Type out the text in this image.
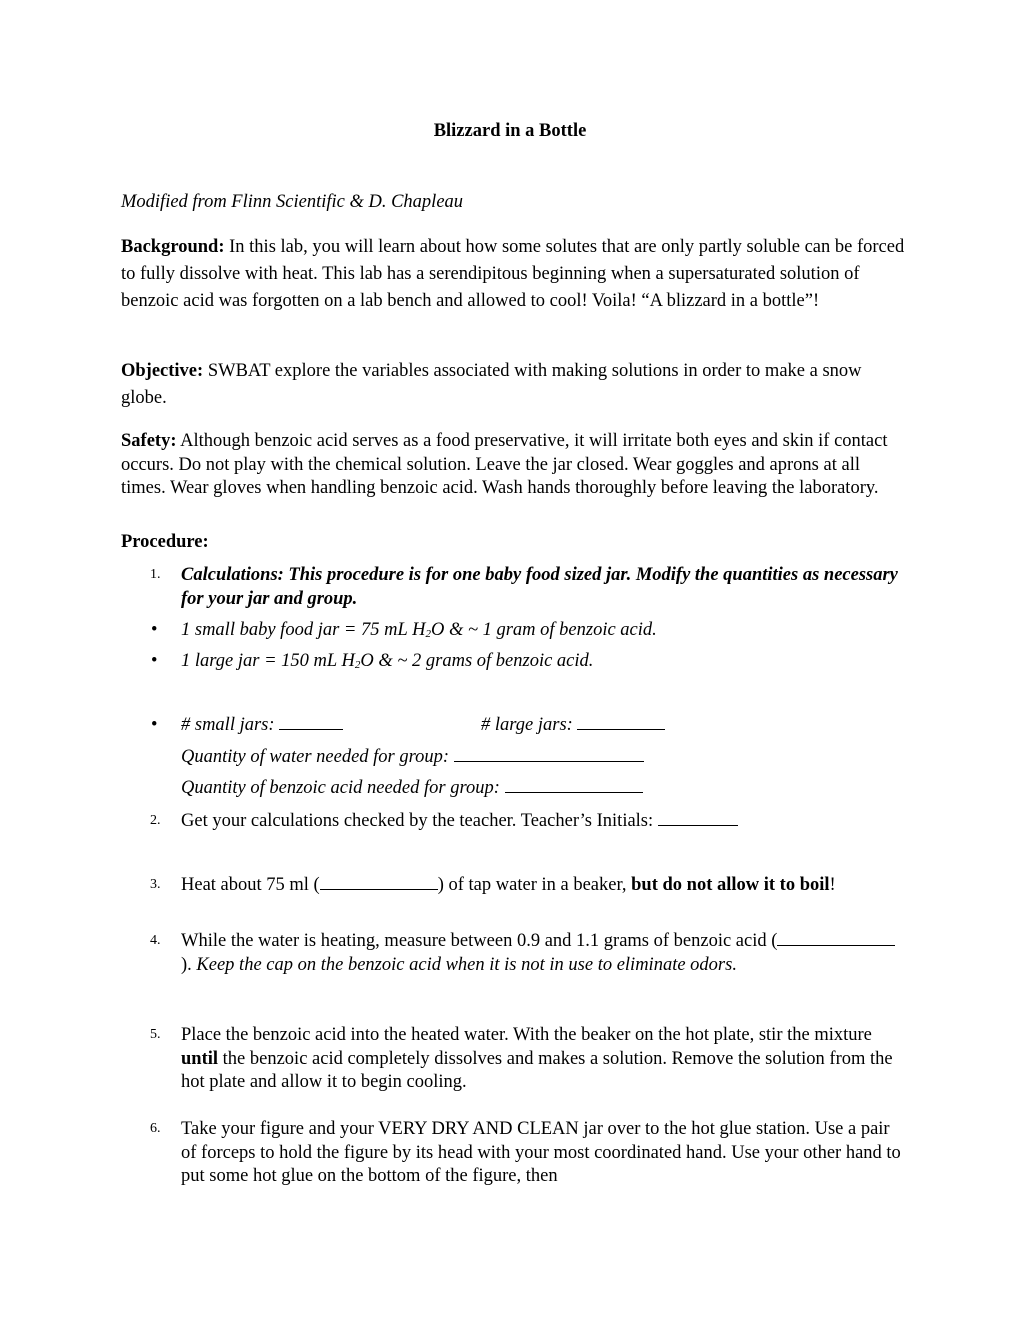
Blizzard in a Bottle
Modified from Flinn Scientific & D. Chapleau
Background: In this lab, you will learn about how some solutes that are only partly soluble can be forced to fully dissolve with heat. This lab has a serendipitous beginning when a supersaturated solution of benzoic acid was forgotten on a lab bench and allowed to cool! Voila! “A blizzard in a bottle”!
Objective: SWBAT explore the variables associated with making solutions in order to make a snow globe.
Safety: Although benzoic acid serves as a food preservative, it will irritate both eyes and skin if contact occurs. Do not play with the chemical solution. Leave the jar closed. Wear goggles and aprons at all times. Wear gloves when handling benzoic acid. Wash hands thoroughly before leaving the laboratory.
Procedure:
1. Calculations: This procedure is for one baby food sized jar. Modify the quantities as necessary for your jar and group.
• 1 small baby food jar = 75 mL $H_2O$ & ~ 1 gram of benzoic acid.
• 1 large jar = 150 mL $H_2O$ & ~ 2 grams of benzoic acid.
• # small jars:	# large jars:
Quantity of water needed for group:
Quantity of benzoic acid needed for group:
2. Get your calculations checked by the teacher. Teacher’s Initials:
3. Heat about 75 ml (	) of tap water in a beaker, but do not allow it to boil!
4. While the water is heating, measure between 0.9 and 1.1 grams of benzoic acid (). Keep the cap on the benzoic acid when it is not in use to eliminate odors.
5. Place the benzoic acid into the heated water. With the beaker on the hot plate, stir the mixture until the benzoic acid completely dissolves and makes a solution. Remove the solution from the hot plate and allow it to begin cooling.
6. Take your figure and your VERY DRY AND CLEAN jar over to the hot glue station. Use a pair of forceps to hold the figure by its head with your most coordinated hand. Use your other hand to put some hot glue on the bottom of the figure, then
